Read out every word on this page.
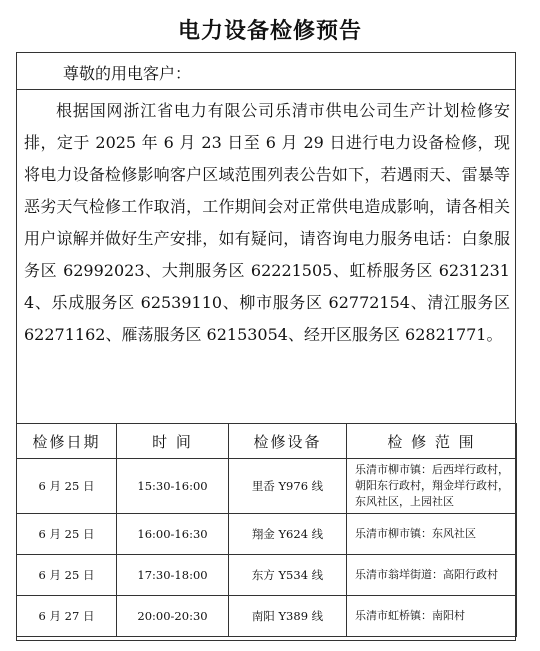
电力设备检修预告
尊敬的用电客户：
根据国网浙江省电力有限公司乐清市供电公司生产计划检修安排，定于 2025 年 6 月 23 日至 6 月 29 日进行电力设备检修，现将电力设备检修影响客户区域范围列表公告如下，若遇雨天、雷暴等恶劣天气检修工作取消，工作期间会对正常供电造成影响，请各相关用户谅解并做好生产安排，如有疑问，请咨询电力服务电话：白象服务区 62992023、大荆服务区 62221505、虹桥服务区 62312314、乐成服务区 62539110、柳市服务区 62772154、清江服务区 62271162、雁荡服务区 62153054、经开区服务区 62821771。
检修日期	时 间	检修设备	检 修 范 围
6 月 25 日	15:30-16:00	里岙 Y976 线	乐清市柳市镇：后西垟行政村，朝阳东行政村，翔金垟行政村，东风社区，上园社区
6 月 25 日	16:00-16:30	翔金 Y624 线	乐清市柳市镇：东风社区
6 月 25 日	17:30-18:00	东方 Y534 线	乐清市翁垟街道：高阳行政村
6 月 27 日	20:00-20:30	南阳 Y389 线	乐清市虹桥镇：南阳村
